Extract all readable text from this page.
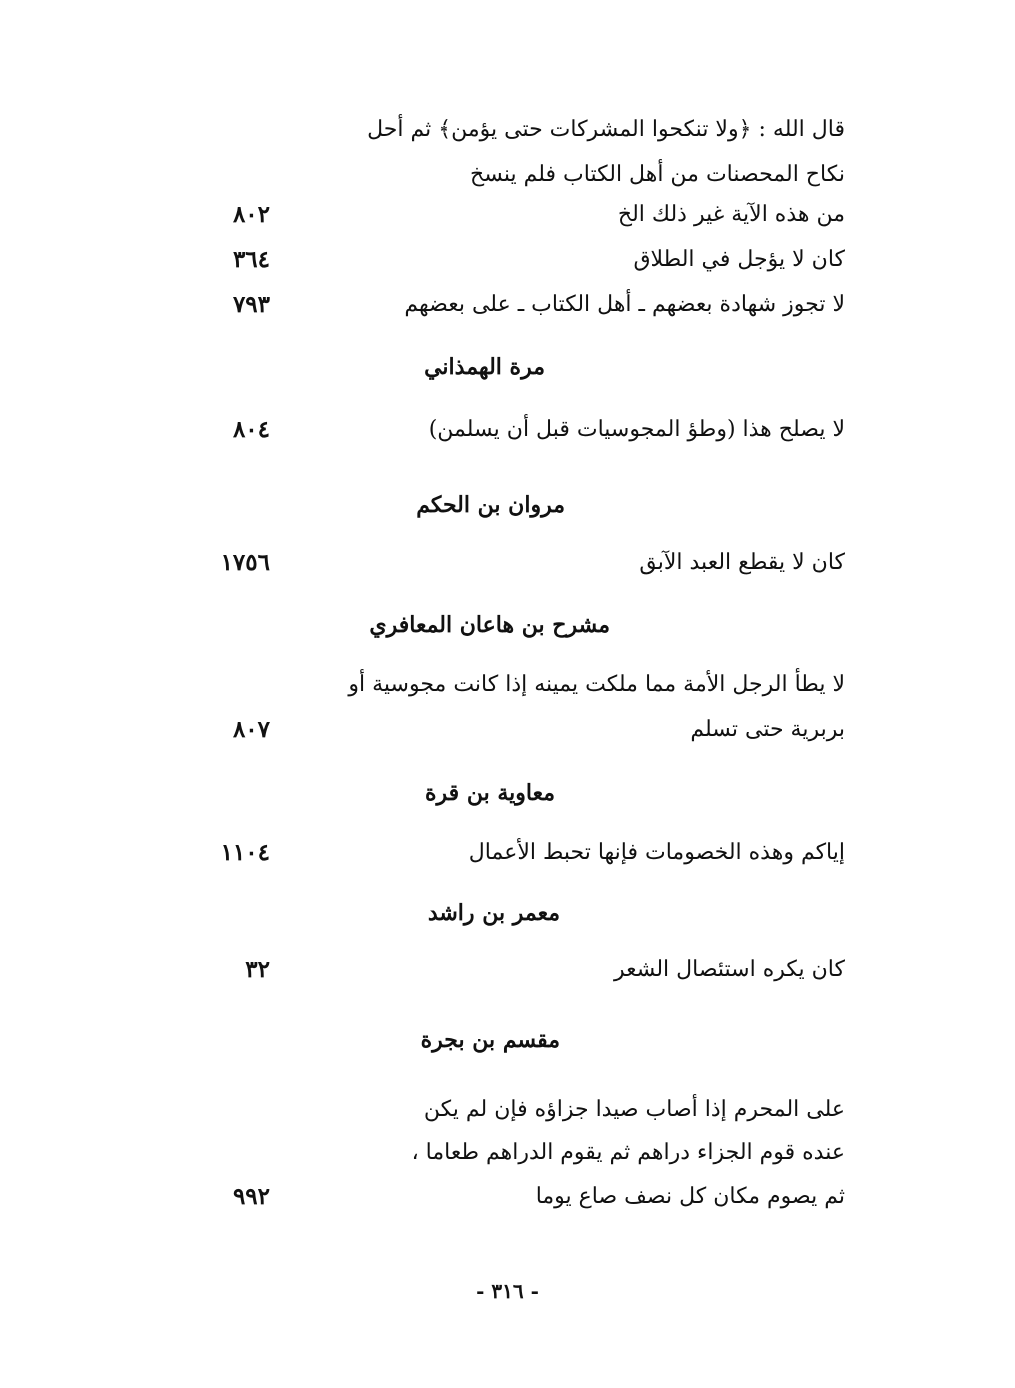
قال الله : ﴿ولا تنكحوا المشركات حتى يؤمن﴾ ثم أحل
نكاح المحصنات من أهل الكتاب فلم ينسخ
من هذه الآية غير ذلك الخ
٨٠٢
كان لا يؤجل في الطلاق
٣٦٤
لا تجوز شهادة بعضهم ـ أهل الكتاب ـ على بعضهم
٧٩٣
مرة الهمذاني
لا يصلح هذا (وطؤ المجوسيات قبل أن يسلمن)
٨٠٤
مروان بن الحكم
كان لا يقطع العبد الآبق
١٧٥٦
مشرح بن هاعان المعافري
لا يطأ الرجل الأمة مما ملكت يمينه إذا كانت مجوسية أو
بربرية حتى تسلم
٨٠٧
معاوية بن قرة
إياكم وهذه الخصومات فإنها تحبط الأعمال
١١٠٤
معمر بن راشد
كان يكره استئصال الشعر
٣٢
مقسم بن بجرة
على المحرم إذا أصاب صيدا جزاؤه فإن لم يكن
عنده قوم الجزاء دراهم ثم يقوم الدراهم طعاما ،
ثم يصوم مكان كل نصف صاع يوما
٩٩٢
- ٣١٦ -
